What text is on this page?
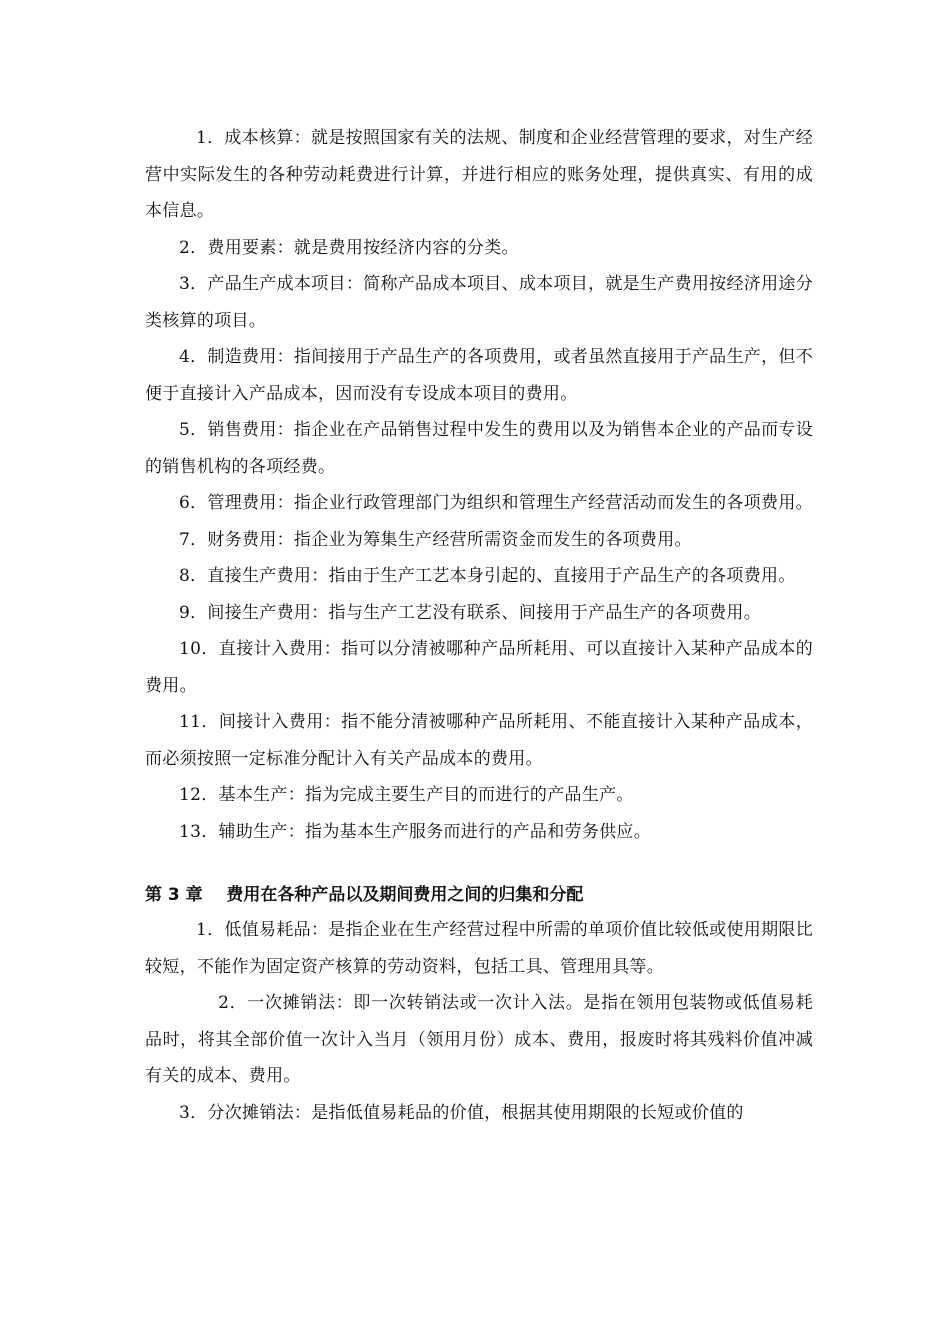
1．成本核算：就是按照国家有关的法规、制度和企业经营管理的要求，对生产经营中实际发生的各种劳动耗费进行计算，并进行相应的账务处理，提供真实、有用的成本信息。

2．费用要素：就是费用按经济内容的分类。

3．产品生产成本项目：简称产品成本项目、成本项目，就是生产费用按经济用途分类核算的项目。

4．制造费用：指间接用于产品生产的各项费用，或者虽然直接用于产品生产，但不便于直接计入产品成本，因而没有专设成本项目的费用。

5．销售费用：指企业在产品销售过程中发生的费用以及为销售本企业的产品而专设的销售机构的各项经费。

6．管理费用：指企业行政管理部门为组织和管理生产经营活动而发生的各项费用。

7．财务费用：指企业为筹集生产经营所需资金而发生的各项费用。

8．直接生产费用：指由于生产工艺本身引起的、直接用于产品生产的各项费用。

9．间接生产费用：指与生产工艺没有联系、间接用于产品生产的各项费用。

10．直接计入费用：指可以分清被哪种产品所耗用、可以直接计入某种产品成本的费用。

11．间接计入费用：指不能分清被哪种产品所耗用、不能直接计入某种产品成本，而必须按照一定标准分配计入有关产品成本的费用。

12．基本生产：指为完成主要生产目的而进行的产品生产。

13．辅助生产：指为基本生产服务而进行的产品和劳务供应。

第 3 章    费用在各种产品以及期间费用之间的归集和分配

1．低值易耗品：是指企业在生产经营过程中所需的单项价值比较低或使用期限比较短，不能作为固定资产核算的劳动资料，包括工具、管理用具等。

2．一次摊销法：即一次转销法或一次计入法。是指在领用包装物或低值易耗品时，将其全部价值一次计入当月（领用月份）成本、费用，报废时将其残料价值冲减有关的成本、费用。

3．分次摊销法：是指低值易耗品的价值，根据其使用期限的长短或价值的
